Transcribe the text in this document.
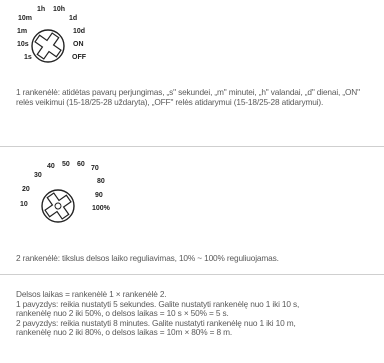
1h 10h
10m	1d
1m	10d
10s	ON
1s	OFF
1 rankenėlė: atidėtas pavarų perjungimas, „s" sekundei, „m" minutei, „h" valandai, „d" dienai, „ON" relės veikimui (15-18/25-28 uždaryta), „OFF" relės atidarymui (15-18/25-28 atidarymui).
40 50 60
70
30
80
20
90
10
100%
2 rankenėlė: tikslus delsos laiko reguliavimas, 10% ~ 100% reguliuojamas.
Delsos laikas = rankenėlė 1 × rankenėlė 2.
1 pavyzdys: reikia nustatyti 5 sekundes. Galite nustatyti rankenėlę nuo 1 iki 10 s,
rankenėlę nuo 2 iki 50%, o delsos laikas = 10 s × 50% = 5 s.
2 pavyzdys: reikia nustatyti 8 minutes. Galite nustatyti rankenėlę nuo 1 iki 10 m,
rankenėlę nuo 2 iki 80%, o delsos laikas = 10m × 80% = 8 m.
